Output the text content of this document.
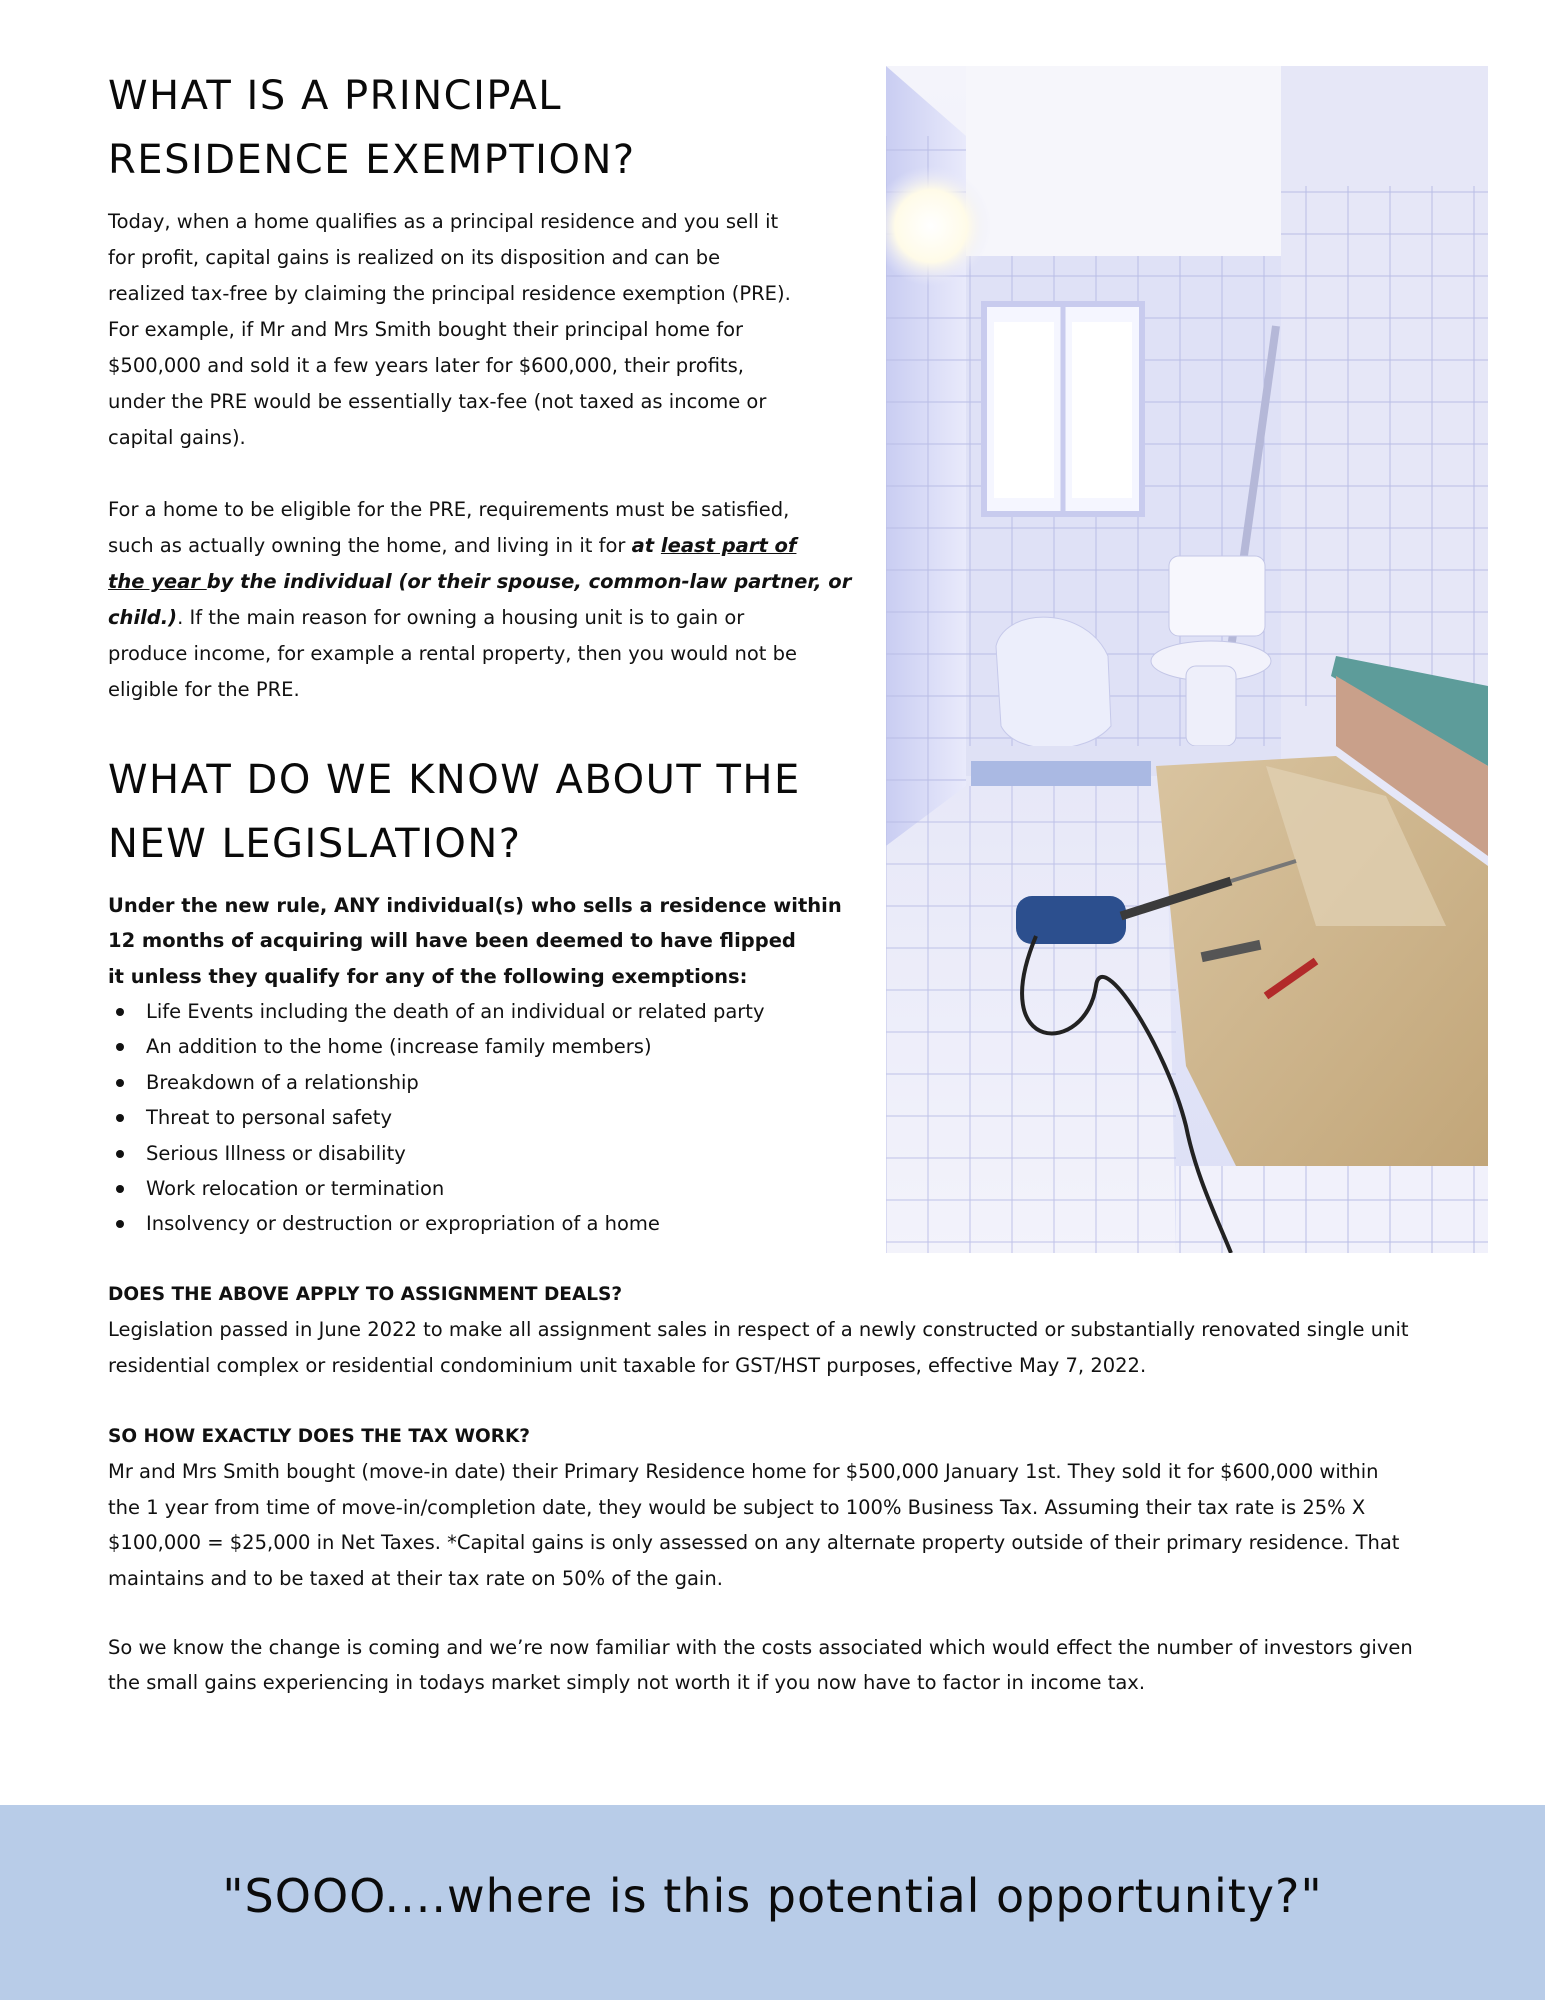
WHAT IS A PRINCIPAL
RESIDENCE EXEMPTION?

Today, when a home qualifies as a principal residence and you sell it
for profit, capital gains is realized on its disposition and can be
realized tax-free by claiming the principal residence exemption (PRE).
For example, if Mr and Mrs Smith bought their principal home for
$500,000 and sold it a few years later for $600,000, their profits,
under the PRE would be essentially tax-fee (not taxed as income or
capital gains).

For a home to be eligible for the PRE, requirements must be satisfied,
such as actually owning the home, and living in it for at least part of
the year by the individual (or their spouse, common-law partner, or
child.). If the main reason for owning a housing unit is to gain or
produce income, for example a rental property, then you would not be
eligible for the PRE.

WHAT DO WE KNOW ABOUT THE
NEW LEGISLATION?

Under the new rule, ANY individual(s) who sells a residence within
12 months of acquiring will have been deemed to have flipped
it unless they qualify for any of the following exemptions:

Life Events including the death of an individual or related party
An addition to the home (increase family members)
Breakdown of a relationship
Threat to personal safety
Serious Illness or disability
Work relocation or termination
Insolvency or destruction or expropriation of a home

DOES THE ABOVE APPLY TO ASSIGNMENT DEALS?
Legislation passed in June 2022 to make all assignment sales in respect of a newly constructed or substantially renovated single unit
residential complex or residential condominium unit taxable for GST/HST purposes, effective May 7, 2022.

SO HOW EXACTLY DOES THE TAX WORK?
Mr and Mrs Smith bought (move-in date) their Primary Residence home for $500,000 January 1st. They sold it for $600,000 within
the 1 year from time of move-in/completion date, they would be subject to 100% Business Tax. Assuming their tax rate is 25% X
$100,000 = $25,000 in Net Taxes. *Capital gains is only assessed on any alternate property outside of their primary residence. That
maintains and to be taxed at their tax rate on 50% of the gain.

So we know the change is coming and we’re now familiar with the costs associated which would effect the number of investors given
the small gains experiencing in todays market simply not worth it if you now have to factor in income tax.

"SOOO....where is this potential opportunity?"
